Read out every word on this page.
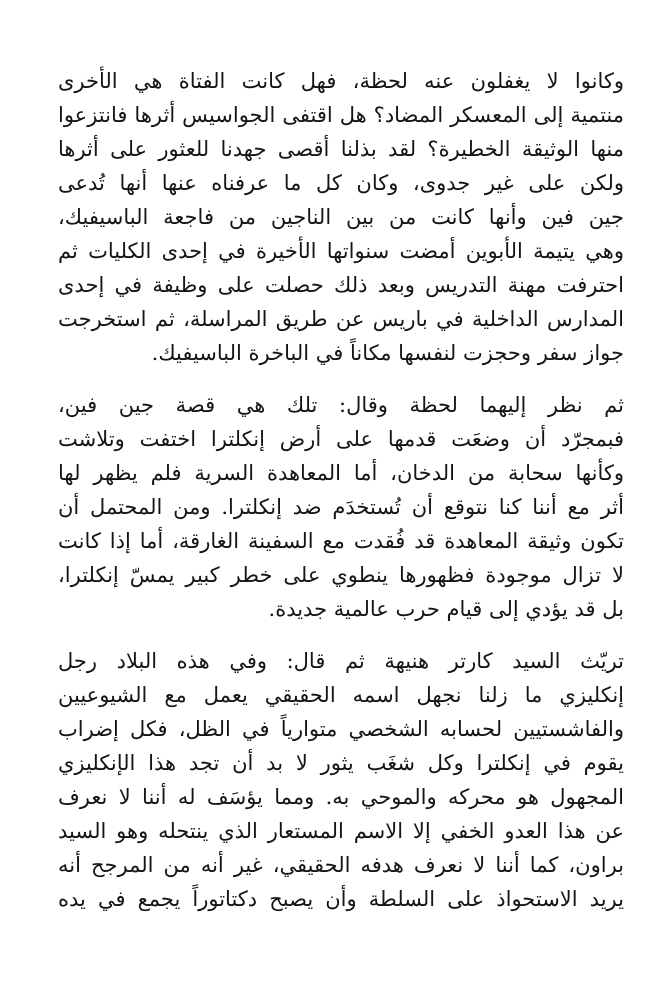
وكانوا لا يغفلون عنه لحظة، فهل كانت الفتاة هي الأخرى
منتمية إلى المعسكر المضاد؟ هل اقتفى الجواسيس أثرها فانتزعوا
منها الوثيقة الخطيرة؟ لقد بذلنا أقصى جهدنا للعثور على أثرها
ولكن على غير جدوى، وكان كل ما عرفناه عنها أنها تُدعى
جين فين وأنها كانت من بين الناجين من فاجعة الباسيفيك،
وهي يتيمة الأبوين أمضت سنواتها الأخيرة في إحدى الكليات ثم
احترفت مهنة التدريس وبعد ذلك حصلت على وظيفة في إحدى
المدارس الداخلية في باريس عن طريق المراسلة، ثم استخرجت
جواز سفر وحجزت لنفسها مكاناً في الباخرة الباسيفيك.

ثم نظر إليهما لحظة وقال: تلك هي قصة جين فين،
فبمجرّد أن وضعَت قدمها على أرض إنكلترا اختفت وتلاشت
وكأنها سحابة من الدخان، أما المعاهدة السرية فلم يظهر لها
أثر مع أننا كنا نتوقع أن تُستخدَم ضد إنكلترا. ومن المحتمل أن
تكون وثيقة المعاهدة قد فُقدت مع السفينة الغارقة، أما إذا كانت
لا تزال موجودة فظهورها ينطوي على خطر كبير يمسّ إنكلترا،
بل قد يؤدي إلى قيام حرب عالمية جديدة.

تريّث السيد كارتر هنيهة ثم قال: وفي هذه البلاد رجل
إنكليزي ما زلنا نجهل اسمه الحقيقي يعمل مع الشيوعيين
والفاشستيين لحسابه الشخصي متوارياً في الظل، فكل إضراب
يقوم في إنكلترا وكل شغَب يثور لا بد أن تجد هذا الإنكليزي
المجهول هو محركه والموحي به. ومما يؤسَف له أننا لا نعرف
عن هذا العدو الخفي إلا الاسم المستعار الذي ينتحله وهو السيد
براون، كما أننا لا نعرف هدفه الحقيقي، غير أنه من المرجح أنه
يريد الاستحواذ على السلطة وأن يصبح دكتاتوراً يجمع في يده
